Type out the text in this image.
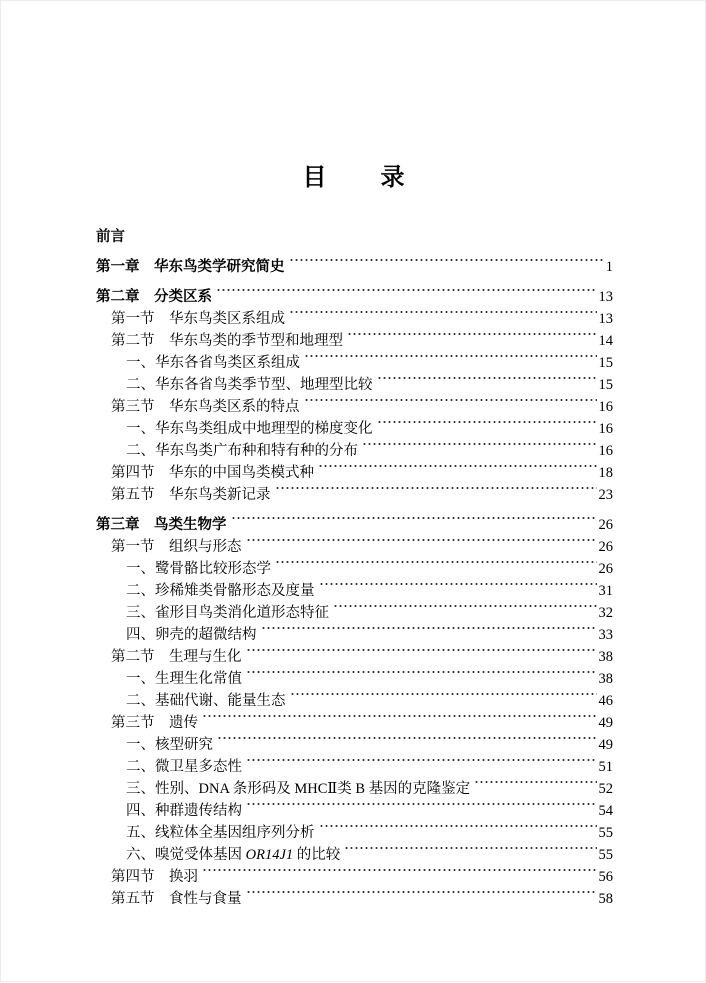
目　　录
前言
第一章　华东鸟类学研究简史	1
第二章　分类区系	13
第一节　华东鸟类区系组成	13
第二节　华东鸟类的季节型和地理型	14
一、华东各省鸟类区系组成	15
二、华东各省鸟类季节型、地理型比较	15
第三节　华东鸟类区系的特点	16
一、华东鸟类组成中地理型的梯度变化	16
二、华东鸟类广布种和特有种的分布	16
第四节　华东的中国鸟类模式种	18
第五节　华东鸟类新记录	23
第三章　鸟类生物学	26
第一节　组织与形态	26
一、鹭骨骼比较形态学	26
二、珍稀雉类骨骼形态及度量	31
三、雀形目鸟类消化道形态特征	32
四、卵壳的超微结构	33
第二节　生理与生化	38
一、生理生化常值	38
二、基础代谢、能量生态	46
第三节　遗传	49
一、核型研究	49
二、微卫星多态性	51
三、性别、DNA 条形码及 MHCⅡ类 B 基因的克隆鉴定	52
四、种群遗传结构	54
五、线粒体全基因组序列分析	55
六、嗅觉受体基因 OR14J1 的比较	55
第四节　换羽	56
第五节　食性与食量	58
